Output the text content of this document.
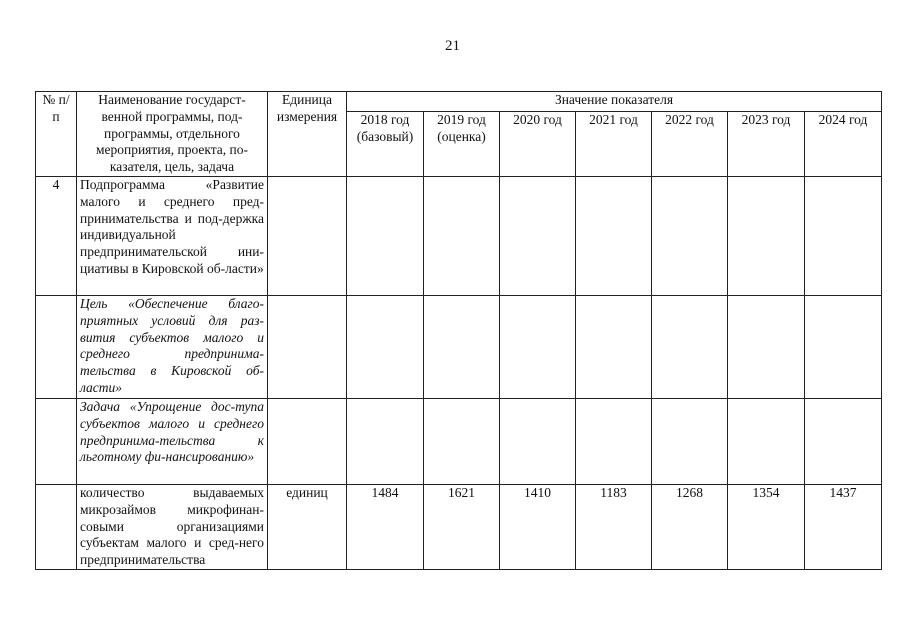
21
№ п/п	Наименование государст-венной программы, под-программы, отдельного мероприятия, проекта, по-казателя, цель, задача	Единица измерения	Значение показателя						
			2018 год (базовый)	2019 год (оценка)	2020 год	2021 год	2022 год	2023 год	2024 год
4	Подпрограмма «Развитие малого и среднего пред-принимательства и под-держка индивидуальной предпринимательской ини-циативы в Кировской об-ласти»								
	Цель «Обеспечение благо-приятных условий для раз-вития субъектов малого и среднего предпринима-тельства в Кировской об-ласти»								
	Задача «Упрощение дос-тупа субъектов малого и среднего предпринима-тельства к льготному фи-нансированию»								
	количество выдаваемых микрозаймов микрофинан-совыми организациями субъектам малого и сред-него предпринимательства	единиц	1484	1621	1410	1183	1268	1354	1437
